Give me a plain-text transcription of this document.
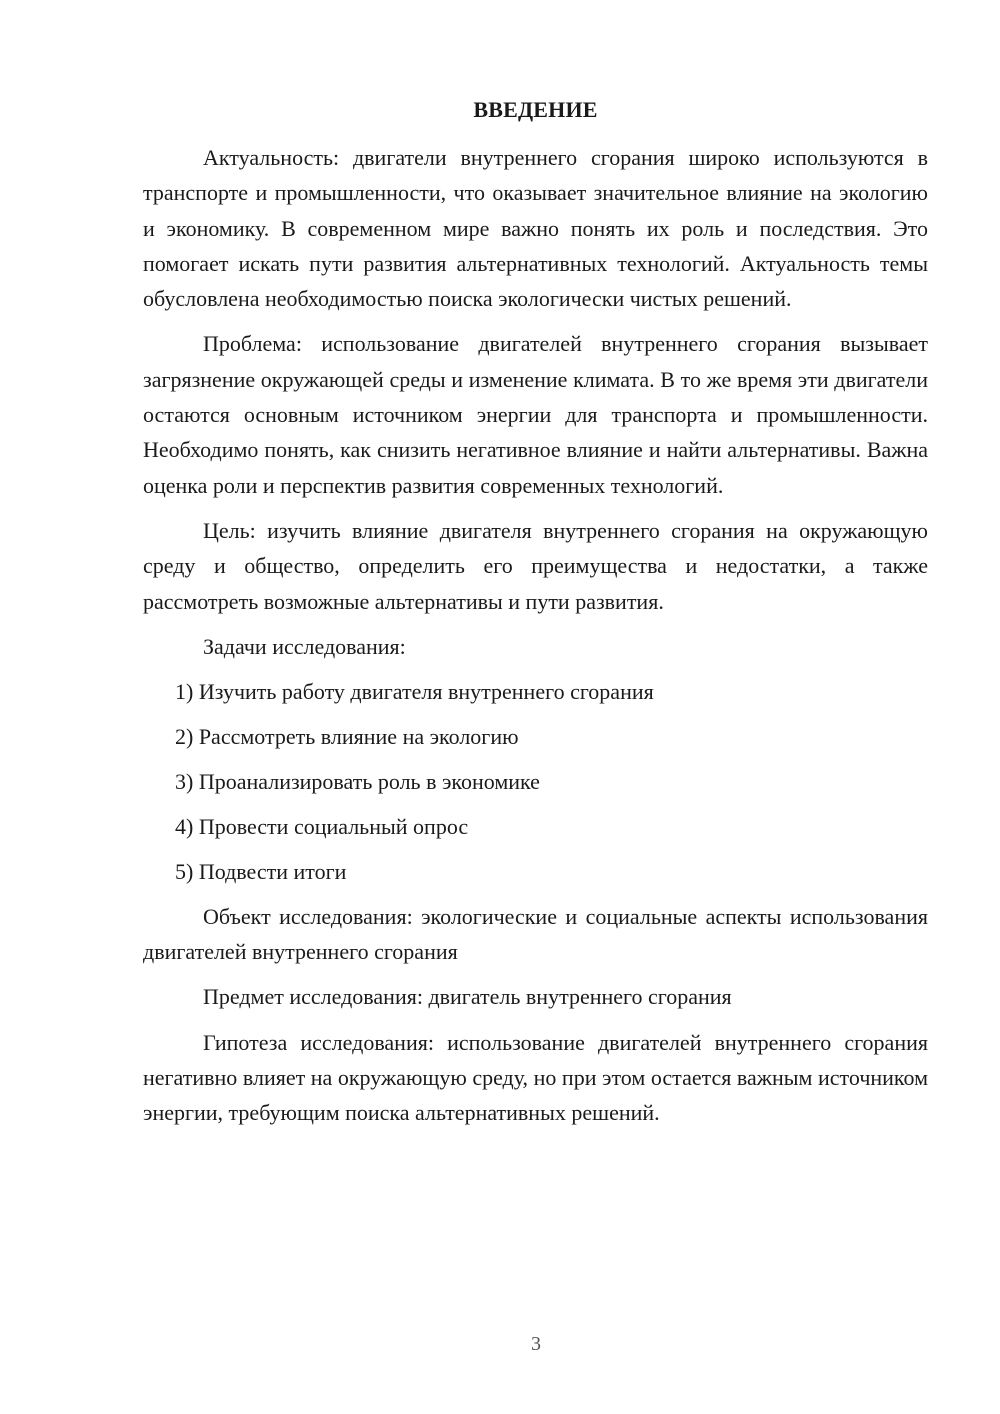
ВВЕДЕНИЕ

Актуальность: двигатели внутреннего сгорания широко используются в транспорте и промышленности, что оказывает значительное влияние на экологию и экономику. В современном мире важно понять их роль и последствия. Это помогает искать пути развития альтернативных технологий. Актуальность темы обусловлена необходимостью поиска экологически чистых решений.

Проблема: использование двигателей внутреннего сгорания вызывает загрязнение окружающей среды и изменение климата. В то же время эти двигатели остаются основным источником энергии для транспорта и промышленности. Необходимо понять, как снизить негативное влияние и найти альтернативы. Важна оценка роли и перспектив развития современных технологий.

Цель: изучить влияние двигателя внутреннего сгорания на окружающую среду и общество, определить его преимущества и недостатки, а также рассмотреть возможные альтернативы и пути развития.

Задачи исследования:

1) Изучить работу двигателя внутреннего сгорания
2) Рассмотреть влияние на экологию
3) Проанализировать роль в экономике
4) Провести социальный опрос
5) Подвести итоги

Объект исследования: экологические и социальные аспекты использования двигателей внутреннего сгорания

Предмет исследования: двигатель внутреннего сгорания

Гипотеза исследования: использование двигателей внутреннего сгорания негативно влияет на окружающую среду, но при этом остается важным источником энергии, требующим поиска альтернативных решений.

3
